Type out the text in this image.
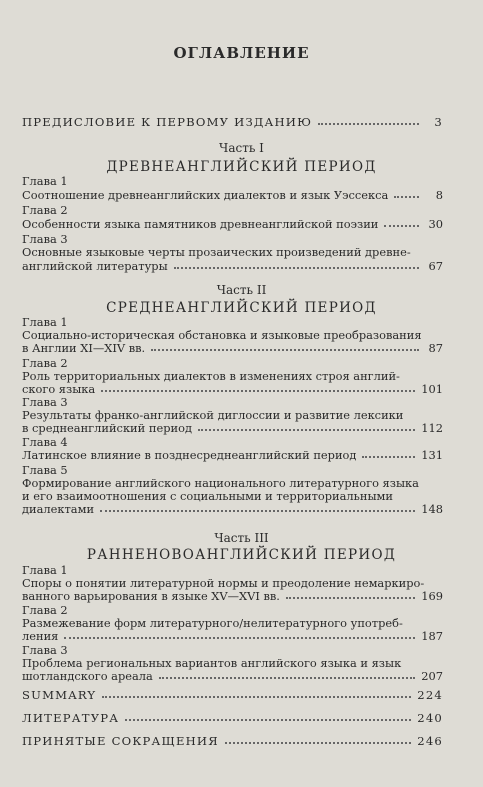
ОГЛАВЛЕНИЕ
ПРЕДИСЛОВИЕ К ПЕРВОМУ ИЗДАНИЮ	3
Часть I
ДРЕВНЕАНГЛИЙСКИЙ ПЕРИОД
Глава 1
Соотношение древнеанглийских диалектов и язык Уэссекса	8
Глава 2
Особенности языка памятников древнеанглийской поэзии	30
Глава 3
Основные языковые черты прозаических произведений древне-
английской литературы	67
Часть II
СРЕДНЕАНГЛИЙСКИЙ ПЕРИОД
Глава 1
Социально-историческая обстановка и языковые преобразования
в Англии XI—XIV вв.	87
Глава 2
Роль территориальных диалектов в изменениях строя англий-
ского языка	101
Глава 3
Результаты франко-английской диглоссии и развитие лексики
в среднеанглийский период	112
Глава 4
Латинское влияние в позднесреднеанглийский период	131
Глава 5
Формирование английского национального литературного языка
и его взаимоотношения с социальными и территориальными
диалектами	148
Часть III
РАННЕНОВОАНГЛИЙСКИЙ ПЕРИОД
Глава 1
Споры о понятии литературной нормы и преодоление немаркиро-
ванного варьирования в языке XV—XVI вв.	169
Глава 2
Размежевание форм литературного/нелитературного употреб-
ления	187
Глава 3
Проблема региональных вариантов английского языка и язык
шотландского ареала	207
SUMMARY	224
ЛИТЕРАТУРА	240
ПРИНЯТЫЕ СОКРАЩЕНИЯ	246
